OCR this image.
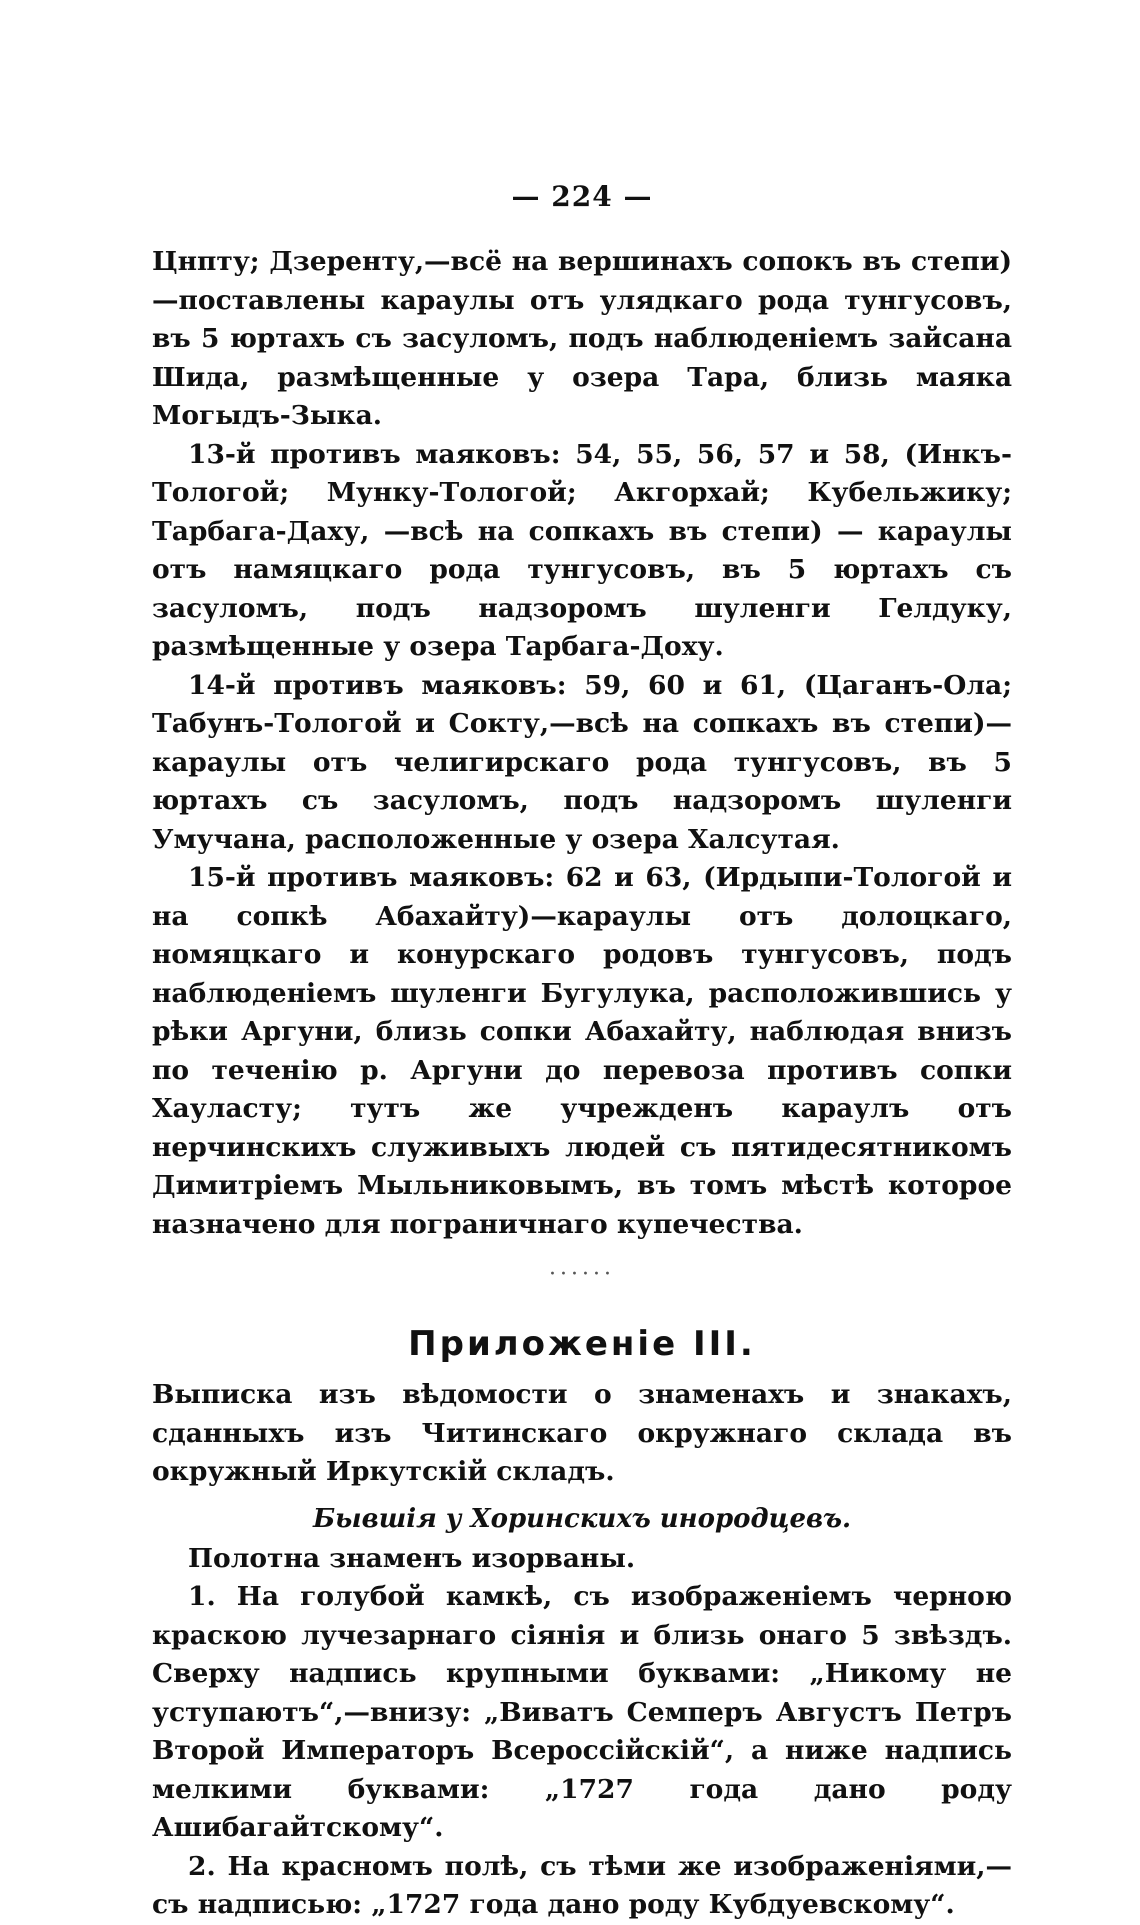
— 224 —

Цнпту; Дзеренту,—всё на вершинахъ сопокъ въ степи)—поставлены караулы отъ улядкаго рода тунгусовъ, въ 5 юртахъ съ засуломъ, подъ наблюденіемъ зайсана Шида, размѣщенные у озера Тара, близь маяка Могыдъ-Зыка.

13-й противъ маяковъ: 54, 55, 56, 57 и 58, (Инкъ-Тологой; Мунку-Тологой; Акгорхай; Кубельжику; Тарбага-Даху, —всѣ на сопкахъ въ степи) — караулы отъ намяцкаго рода тунгусовъ, въ 5 юртахъ съ засуломъ, подъ надзоромъ шуленги Гелдуку, размѣщенные у озера Тарбага-Доху.

14-й противъ маяковъ: 59, 60 и 61, (Цаганъ-Ола; Табунъ-Тологой и Сокту,—всѣ на сопкахъ въ степи)—караулы отъ челигирскаго рода тунгусовъ, въ 5 юртахъ съ засуломъ, подъ надзоромъ шуленги Умучана, расположенные у озера Халсутая.

15-й противъ маяковъ: 62 и 63, (Ирдыпи-Тологой и на сопкѣ Абахайту)—караулы отъ долоцкаго, номяцкаго и конурскаго родовъ тунгусовъ, подъ наблюденіемъ шуленги Бугулука, расположившись у рѣки Аргуни, близь сопки Абахайту, наблюдая внизъ по теченію р. Аргуни до перевоза противъ сопки Хауласту; тутъ же учрежденъ караулъ отъ нерчинскихъ служивыхъ людей съ пятидесятникомъ Димитріемъ Мыльниковымъ, въ томъ мѣстѣ которое назначено для пограничнаго купечества.

······
Приложеніе III.

Выписка изъ вѣдомости о знаменахъ и знакахъ, сданныхъ изъ Читинскаго окружнаго склада въ окружный Иркутскій складъ.

Бывшія у Хоринскихъ инородцевъ.

Полотна знаменъ изорваны.

1. На голубой камкѣ, съ изображеніемъ черною краскою лучезарнаго сіянія и близь онаго 5 звѣздъ. Сверху надпись крупными буквами: „Никому не уступаютъ“,—внизу: „Виватъ Семперъ Августъ Петръ Второй Императоръ Всероссійскій“, а ниже надпись мелкими буквами: „1727 года дано роду Ашибагайтскому“.

2. На красномъ полѣ, съ тѣми же изображеніями,—съ надписью: „1727 года дано роду Кубдуевскому“.
